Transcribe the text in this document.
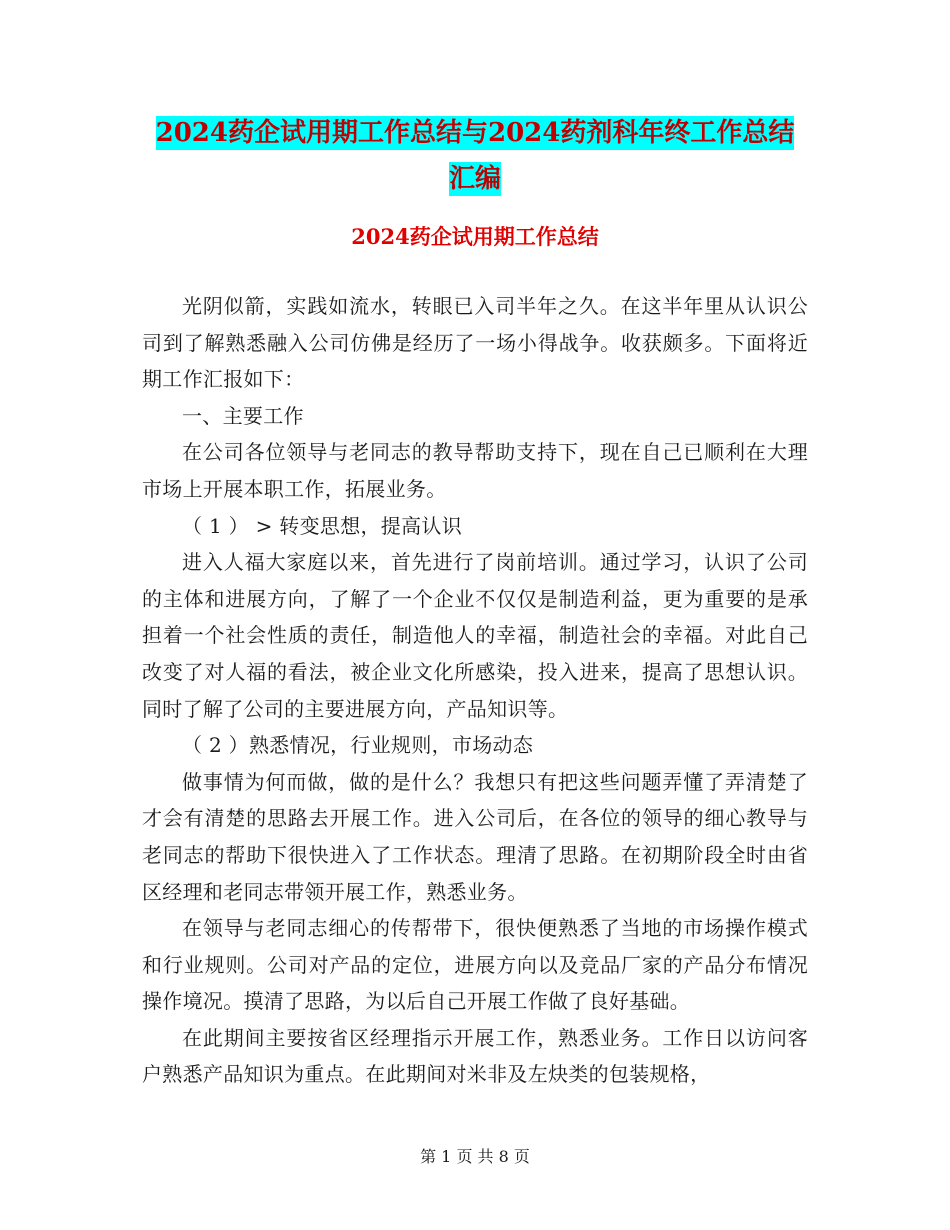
2024药企试用期工作总结与2024药剂科年终工作总结
汇编
2024药企试用期工作总结

光阴似箭，实践如流水，转眼已入司半年之久。在这半年里从认识公司到了解熟悉融入公司仿佛是经历了一场小得战争。收获颇多。下面将近期工作汇报如下：

一、主要工作

在公司各位领导与老同志的教导帮助支持下，现在自己已顺利在大理市场上开展本职工作，拓展业务。

（ 1 ） > 转变思想，提高认识

进入人福大家庭以来，首先进行了岗前培训。通过学习，认识了公司的主体和进展方向，了解了一个企业不仅仅是制造利益，更为重要的是承担着一个社会性质的责任，制造他人的幸福，制造社会的幸福。对此自己改变了对人福的看法，被企业文化所感染，投入进来，提高了思想认识。同时了解了公司的主要进展方向，产品知识等。

（ 2 ）熟悉情况，行业规则，市场动态

做事情为何而做，做的是什么？我想只有把这些问题弄懂了弄清楚了才会有清楚的思路去开展工作。进入公司后，在各位的领导的细心教导与老同志的帮助下很快进入了工作状态。理清了思路。在初期阶段全时由省区经理和老同志带领开展工作，熟悉业务。

在领导与老同志细心的传帮带下，很快便熟悉了当地的市场操作模式和行业规则。公司对产品的定位，进展方向以及竞品厂家的产品分布情况操作境况。摸清了思路，为以后自己开展工作做了良好基础。

在此期间主要按省区经理指示开展工作，熟悉业务。工作日以访问客户熟悉产品知识为重点。在此期间对米非及左炔类的包装规格，

第 1 页 共 8 页
